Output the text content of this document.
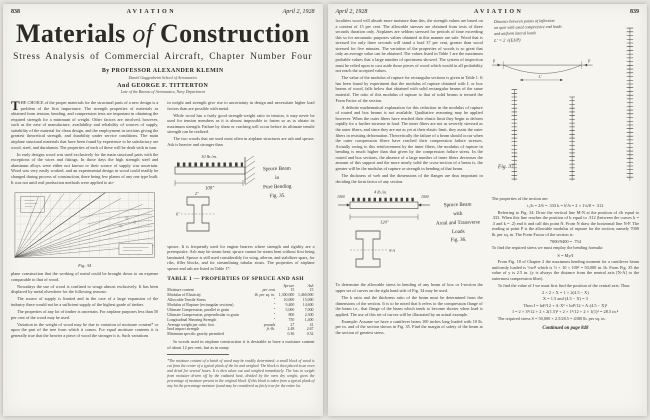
838	AVIATION	April 2, 1928
Materials of Construction
Stress Analysis of Commercial Aircraft, Chapter Number Four
By PROFESSOR ALEXANDER KLEMIN
Daniel Guggenheim School of Aeronautics
And GEORGE F. TITTERTON
Late of the Bureau of Aeronautics, Navy Department

THE CHOICE of the proper materials for the structural parts of a new design is a problem of the first importance. The strength properties of materials as obtained from tension, bending, and compression tests are important in obtaining the required strength for a minimum of weight. Other factors are involved, however, such as the ease of manufacture, availability and reliability of sources of supply, suitability of the material for clean design, and the employment in sections giving the greatest theoretical strength, and durability under service conditions. The main airplane structural materials that have been found by experience to be satisfactory are wood, steel, and duralumin. The properties of each of these will be dealt with in turn.

In early designs wood was used exclusively for the main structural parts with the exceptions of the wires and fittings. In those days the high strength steel and aluminum alloys were either not known or their source of supply was uncertain. Wood was very easily worked, and an experimental design in wood could readily be changed during process of construction, there being few planes of any one type built. It was not until real production methods were applied to air-

Fig. 34

plane construction that the working of metal could be brought down to an expense comparable to that of wood.

Nowadays the use of wood is confined to wings almost exclusively. It has been displaced by metal elsewhere for the following reasons:

The source of supply is limited and in the case of a large expansion of the industry there would not be a sufficient supply of the highest grade of timber.

The properties of any lot of timber is uncertain. For airplane purposes less than 50 per cent of the wood may be used.

Variation in the weight of wood may be due to variation of moisture content* or upon the part of the tree from which it comes. For equal moisture contents it is generally true that the heavier a piece of wood the stronger it is. Such variations

in weight and strength give rise to uncertainty in design and necessitate higher load factors than are possible with metal.

While wood has a fairly good strength-weight ratio in tension, it may never be used for tension members as it is almost impossible to fasten so as to obtain its maximum strength. Failure by shear or cracking will occur before its ultimate tensile strength can be realized.

The two woods that are used most often in airplane structures are ash and spruce. Ash is heavier and stronger than

10 lb./in.
100″
2″
6″
Spruce Beam
in
Pure Bending
Fig. 35.

spruce. It is frequently used for engine bearers where strength and rigidity are a prerequisite. Ash may be steam bent; spruce cannot be steam bent without first being laminated. Spruce is still used considerably for wing, aileron, and stabilizer spars, for ribs, filler blocks, and for streamlining tubular struts. The properties of airplane spruce and ash are listed in Table 1*.

TABLE 1 — PROPERTIES OF SPRUCE AND ASH
		Spruce	Ash
Moisture content	per cent	15	15
Modulus of Elasticity	lb. per sq. in.	1,300,000	1,460,000
Allowable Tensile Stress	″	10,000	15,000
Modulus of Rupture (rectangular sections)	″	9,400	14,600
Ultimate Compression, parallel to grain	″	5,000	7,000
Ultimate Compression, perpendicular to grain	″	800	2,300
Longitudinal Shearing Strength	″	750	1,400
Average weight per cubic foot	pounds	27	41
Izod impact strength	ft.-lb.	2.48	2.67
Minimum specific gravity permitted		0.36	0.52

In woods used in airplane construction it is desirable to have a moisture content of about 12 per cent, but as in many

*The moisture content of a batch of wood may be readily determined; a small block of wood is cut from the center of a typical plank of the lot and weighed. The block is then placed in an oven and dried for several hours. It is then taken out and weighed immediately. The loss in weight from moisture driven off by the radiated heat, divided by the oven dry weight, gives the percentage of moisture present in the original block. If this block is taken from a typical plank of any lot the percentage moisture found may be considered as fairly true for the entire lot.

April 2, 1928	AVIATION	839

localities wood will absorb more moisture than this, the strength values are based on a content of 15 per cent. The allowable stresses are obtained from tests of three seconds duration only. Airplanes are seldom stressed for periods of time exceeding this so for aeronautic purposes values obtained in this manner are safe. Wood that is stressed for only three seconds will stand a load 37 per cent, greater than wood stressed for five minutes. The variation of the properties of woods is so great that only an average value can be obtained. The values listed in Table 1 are the maximum probable values that a large number of specimens showed. The system of inspection must be relied upon to cast aside those pieces of wood which would in all probability not reach the accepted values.

The value of the modulus of rupture for rectangular sections is given in Table 1. It has been found by experiment that the modulus of rupture obtained with I, or box beams of wood, falls below that obtained with solid rectangular beams of the same material. The ratio of this modulus of rupture to that of solid beams is termed the Form Factor of the section.

A definite mathematical explanation for this reduction in the modulus of rupture of routed and box beams is not available. Qualitative reasoning may be applied however. When the outer fibers have reached their elastic limit they begin to deform rapidly for a further increase in load. The inner fibers are not as severely stressed as the outer fibers, and since they are not as yet at their elastic limit, they assist the outer fibers in resisting deformation. Theoretically the failure of a beam should occur when the outer compression fibers have reached their compression failure stresses. Actually owing to this reinforcement by the inner fibers, the modulus of rupture in bending is much higher than that given by the compression failure stress. In the routed and box sections, the absence of a large number of inner fibers decreases the amount of this support and the more nearly solid the cross-section of a beam is, the greater will be the modulus of rupture or strength in bending of that beam.

The thickness of web and the dimensions of the flanges are thus important in deciding the form factor of any section.

4 lb./in.
1000	1000
120″
N-A
Spruce Beam
with
Axial and Transverse
Loads
Fig. 36.

To determine the allowable stress in bending of any beam of box or I-section the upper set of curves on the right hand side of Fig. 34 may be used.

The k ratio and the thickness ratio of the beam must be determined from the dimensions of the section. It is to be noted that b refers to the compression flange of the beam i.e., that flange of the beam which tends to become shorter when load is applied. The use of this set of curves will be illustrated by an actual example.

Example: Assume we have a cantilever beam 100 inches long loaded with 10 lb. per in. and of the section shown in Fig. 35. Find the margin of safety of the beam at the section of greatest stress.

Distance between points of inflection
on spar with axial compressive end loads
and uniform lateral loads
L′ = 2 √(EI/P)
P	P
L′
Fig. 37

The properties of the section are:

t₁/b = 2/6 = .333 k = b′/b = 2 × 1¼/8 = .312

Referring to Fig. 34: Draw the vertical line M-N at the position of t/b equal to .333. When this line reaches the position of k equal to .312 (between the curves k = .3 and k = .2) end it and call this point N. From N draw the horizontal line N-P. The reading at point P is the allowable modulus of rupture for the section, namely 7000 lb. per sq. in. The Form Factor of the section is:

7000/9400 = .754

To find the required stress we must employ the bending formula:

S = My/I

From Fig. 18 of Chapter 2 the maximum bending moment for a cantilever beam uniformly loaded is ½wl² which is ½ × 10 × 100² = 50,000 in. lb. From Fig. 35 the value of y is 2.5 in. (y is always the distance from the neutral axis [N-A] to the outermost compression fiber).

To find the value of I we must first find the position of the central axis. Thus:

2 × 2 × X = 1 × 2(4.5 − X)
X = 1.5 and (4.5 − X) = 3
Then I = bd³/12 + A·X² + bd³/12 + A·(4.5 − X)²
I = 2 × 3³/12 + 2 × 2(1.5)² + 2 × 1³/12 + 2 × 1(1)² = 28.5 in.⁴

The required stress S = 50,000 × 2.5/28.5 = 4380 lb. per sq. in.

Continued on page 848
